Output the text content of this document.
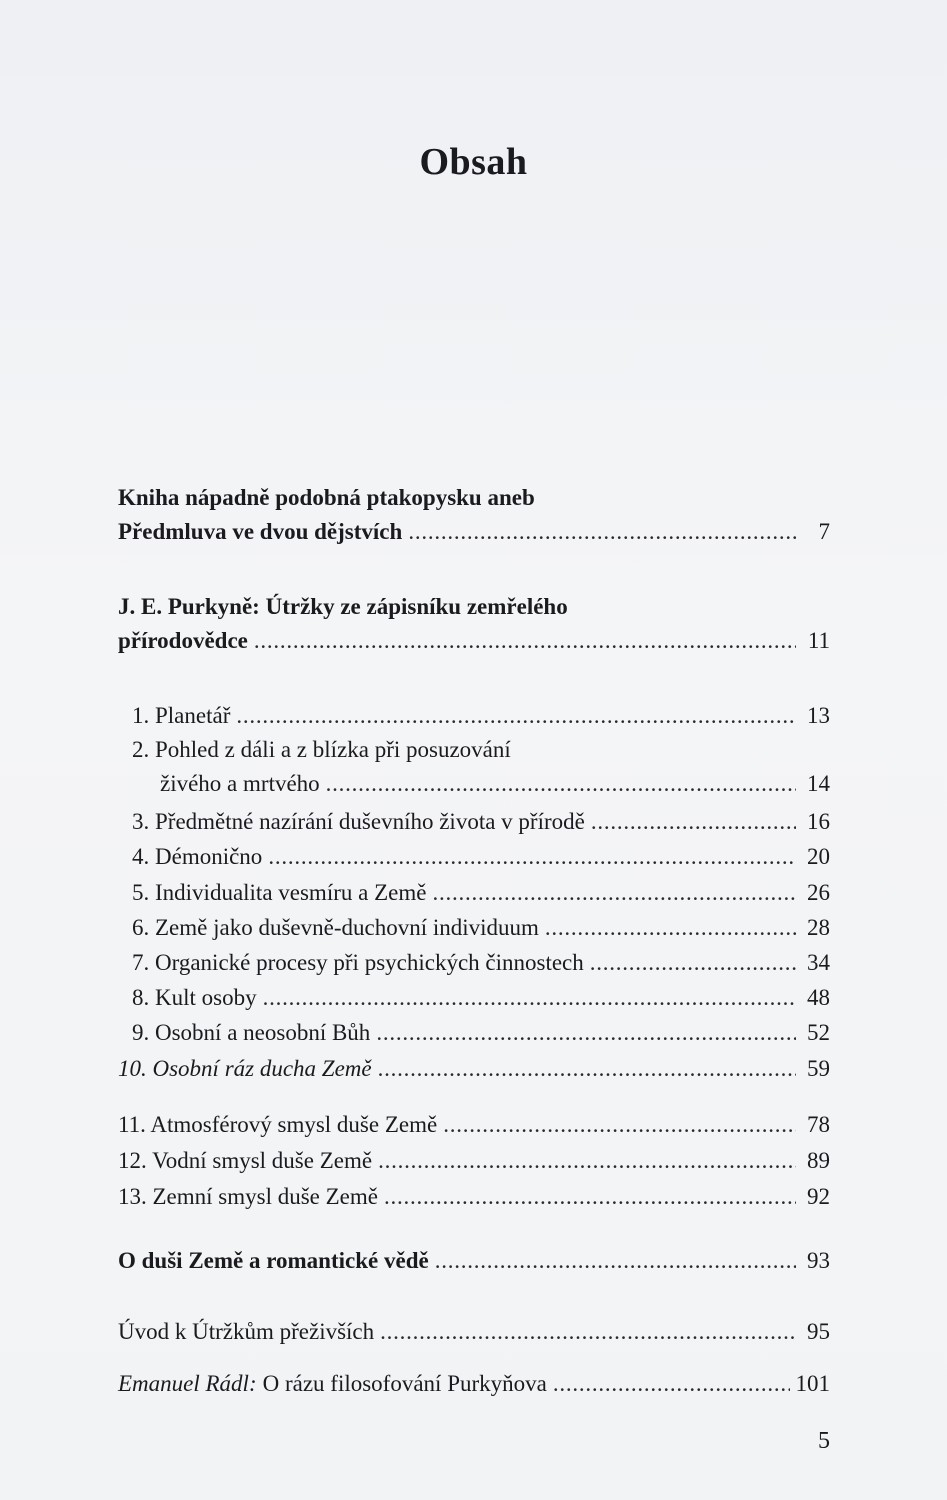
Obsah
Kniha nápadně podobná ptakopysku aneb
Předmluva ve dvou dějstvích . . .	7
J. E. Purkyně: Útržky ze zápisníku zemřelého
přírodovědce . . .	11
1. Planetář . . .	13
2. Pohled z dáli a z blízka při posuzování
živého a mrtvého . . .	14
3. Předmětné nazírání duševního života v přírodě . . .	16
4. Démonično . . .	20
5. Individualita vesmíru a Země . . .	26
6. Země jako duševně-duchovní individuum . . .	28
7. Organické procesy při psychických činnostech . . .	34
8. Kult osoby . . .	48
9. Osobní a neosobní Bůh . . .	52
10. Osobní ráz ducha Země . . .	59
11. Atmosférový smysl duše Země . . .	78
12. Vodní smysl duše Země . . .	89
13. Zemní smysl duše Země . . .	92
O duši Země a romantické vědě . . .	93
Úvod k Útržkům přeživších . . .	95
Emanuel Rádl: O rázu filosofování Purkyňova . . .	101
5
